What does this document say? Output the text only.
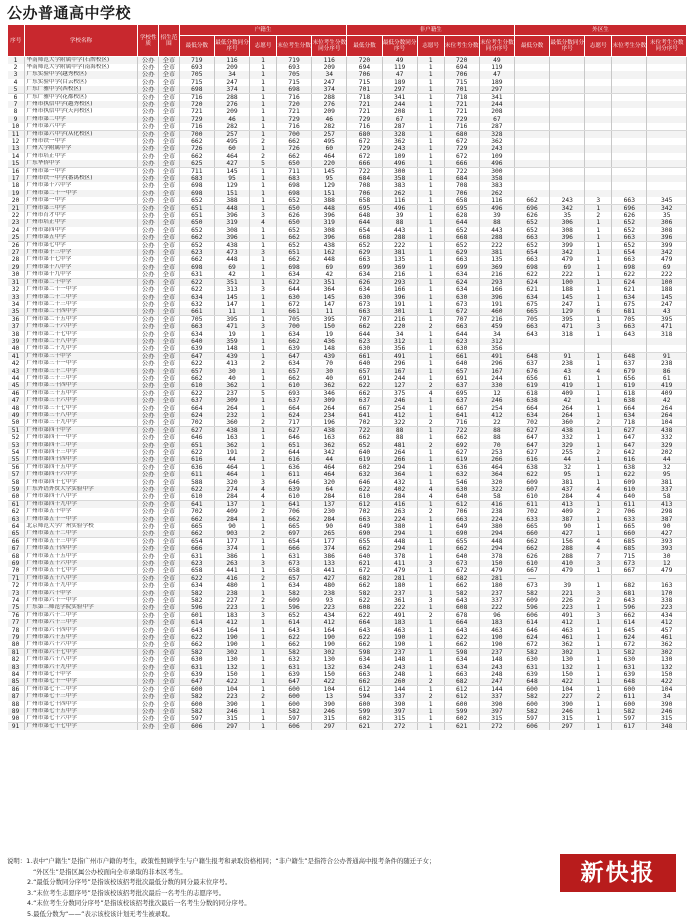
公办普通高中学校
序号	学校名称	学校性质	招生范围	户籍生					非户籍生					外区生				
				最低分数	最低分数同分序号	志愿号	末位考生分数	末位考生分数同分序号	最低分数	最低分数同分序号	志愿号	末位考生分数	末位考生分数同分序号	最低分数	最低分数同分序号	志愿号	末位考生分数	末位考生分数同分序号
1	华南师范大学附属中学(石牌校区)	公办	全市	719	116	1	719	116	720	49	1	720	49					
2	华南师范大学附属中学(南海校区)	公办	全市	693	209	1	693	209	694	119	1	694	119					
3	广东实验中学(越秀校区)	公办	全市	705	34	1	705	34	706	47	1	706	47					
4	广东实验中学(白云校区)	公办	全市	715	247	1	715	247	715	189	1	715	189					
5	广东广雅中学(西校区)	公办	全市	698	374	1	698	374	701	297	1	701	297					
6	广东广雅中学(花都校区)	公办	全市	716	288	1	716	288	718	341	1	718	341					
7	广州市执信中学(越秀校区)	公办	全市	720	276	1	720	276	721	244	1	721	244					
8	广州市执信中学(天河校区)	公办	全市	721	209	1	721	209	721	208	1	721	208					
9	广州市第二中学	公办	全市	729	46	1	729	46	729	67	1	729	67					
10	广州市第六中学	公办	全市	716	282	1	716	282	716	287	1	716	287					
11	广州市第六中学(从化校区)	公办	全市	700	257	1	700	257	680	328	1	680	328					
12	广州市铁一中学	公办	全市	662	495	2	662	495	672	362	1	672	362					
13	广州大学附属中学	公办	全市	726	60	1	726	60	729	243	1	729	243					
14	广州市培正中学	公办	全市	662	464	2	662	464	672	109	1	672	109					
15	广东华侨中学	公办	全市	625	427	5	650	220	666	496	1	666	496					
16	广州市第一中学	公办	全市	711	145	1	711	145	722	300	1	722	300					
17	广州市铁一中学(番禺校区)	公办	全市	683	95	1	683	95	684	358	1	684	358					
18	广州市第十六中学	公办	全市	698	129	1	698	129	708	383	1	708	383					
19	广州市第二十一中学	公办	全市	698	151	1	698	151	706	262	1	706	262					
20	广州市第一中学	公办	全市	652	388	1	652	388	658	116	1	658	116	662	243	3	663	345
21	广州市第三中学	公办	全市	651	448	1	650	448	695	496	1	695	496	696	342	1	696	342
22	广州市育才中学	公办	全市	651	396	3	626	396	648	39	1	628	39	626	35	2	626	35
23	广州市培正中学	公办	全市	650	319	4	650	319	644	88	1	644	88	652	306	1	652	306
24	广州市第四中学	公办	全市	652	308	1	652	308	654	443	1	652	443	652	308	1	652	308
25	广州市第五中学	公办	全市	662	396	1	662	396	668	288	1	668	288	663	396	1	663	396
26	广州市第七中学	公办	全市	652	438	1	652	438	652	222	1	652	222	652	399	1	652	399
27	广州市第十三中学	公办	全市	623	473	3	651	162	629	381	1	629	381	654	342	1	654	342
28	广州市第十七中学	公办	全市	662	448	1	662	448	663	135	1	663	135	663	479	1	663	479
29	广州市第十八中学	公办	全市	698	69	1	698	69	699	369	1	699	369	698	69	1	698	69
30	广州市第十九中学	公办	全市	631	42	1	634	42	634	216	1	634	216	622	222	1	622	222
31	广州市第二十中学	公办	全市	622	351	1	622	351	626	293	1	624	293	624	100	1	624	100
32	广州市第二十一中学	公办	全市	622	313	3	644	364	634	166	1	634	166	621	188	1	621	188
33	广州市第二十二中学	公办	全市	634	145	1	630	145	630	396	1	630	396	634	145	1	634	145
34	广州市第二十三中学	公办	全市	632	147	1	672	147	673	191	1	673	191	675	247	1	675	247
35	广州市第二十四中学	公办	全市	661	11	1	661	11	663	301	1	672	460	665	129	6	681	43
36	广州市第二十五中学	公办	全市	705	395	1	705	395	707	216	1	707	216	705	395	1	705	395
37	广州市第二十六中学	公办	全市	663	471	3	700	150	662	220	2	663	459	663	471	3	663	471
38	广州市第二十七中学	公办	全市	634	19	1	634	19	644	34	1	644	34	643	318	1	643	318
39	广州市第二十八中学	公办	全市	640	359	1	662	436	623	312	1	623	312					
40	广州市第二十九中学	公办	全市	639	148	1	639	148	630	356	1	630	356					
41	广州市第三十中学	公办	全市	647	439	1	647	439	661	491	1	661	491	648	91	1	648	91
42	广州市第三十一中学	公办	全市	622	413	2	634	70	640	296	1	640	296	637	238	1	637	238
43	广州市第三十二中学	公办	全市	657	30	1	657	30	657	167	1	657	167	676	43	4	679	86
44	广州市第三十三中学	公办	全市	662	40	1	662	40	691	244	1	691	244	656	61	1	656	61
45	广州市第三十四中学	公办	全市	610	362	1	610	362	622	127	2	637	330	619	419	1	619	419
46	广州市第三十五中学	公办	全市	622	237	5	693	346	662	375	4	695	12	618	409	1	618	409
47	广州市第三十六中学	公办	全市	637	309	1	637	309	637	246	1	637	246	638	42	1	638	42
48	广州市第三十七中学	公办	全市	664	264	1	664	264	667	254	1	667	254	664	264	1	664	264
49	广州市第三十八中学	公办	全市	624	232	1	624	234	641	412	1	641	412	634	264	1	634	264
50	广州市第三十九中学	公办	全市	702	360	2	717	196	702	322	2	716	22	702	360	2	718	104
51	广州市第四十中学	公办	全市	627	438	1	627	438	722	88	1	722	88	627	438	1	627	438
52	广州市第四十一中学	公办	全市	646	163	1	646	163	662	88	1	662	88	647	332	1	647	332
53	广州市第四十二中学	公办	全市	651	362	1	651	362	652	481	2	692	70	647	329	1	647	329
54	广州市第四十三中学	公办	全市	622	191	2	644	342	640	264	1	627	253	627	255	2	642	202
55	广州市第四十四中学	公办	全市	616	44	1	616	44	619	266	1	619	266	616	44	1	616	44
56	广州市第四十五中学	公办	全市	636	464	1	636	464	602	294	1	636	464	638	32	1	638	32
57	广州市第四十六中学	公办	全市	611	464	1	611	464	632	364	1	632	364	622	95	1	622	95
58	广州市第四十七中学	公办	全市	588	320	3	646	320	646	432	1	546	320	609	381	1	609	381
59	广东外语外贸大学实验中学	公办	全市	622	274	4	639	64	622	402	4	630	322	607	437	4	610	337
60	广州市第四十八中学	公办	全市	610	284	4	610	284	610	284	4	640	58	610	284	4	640	58
61	广州市第四十九中学	公办	全市	641	137	1	641	137	612	416	1	612	416	611	413	1	611	413
62	广州市第五十中学	公办	全市	702	409	2	706	230	702	263	2	706	238	702	409	2	706	298
63	广州市第五十一中学	公办	全市	662	284	1	662	284	663	224	1	663	224	633	387	1	633	387
64	北京师范大学广州实验学校	公办	全市	665	90	1	665	90	649	380	1	649	380	665	90	1	665	90
65	广州市第五十二中学	公办	全市	662	903	2	697	265	690	294	1	690	294	660	427	1	660	427
66	广州市第五十三中学	公办	全市	654	177	1	654	177	655	448	1	655	448	662	156	4	685	393
67	广州市第五十四中学	公办	全市	666	374	1	666	374	662	294	1	662	294	662	288	4	685	393
68	广州市第五十五中学	公办	全市	631	386	1	631	386	640	378	1	640	378	626	288	7	715	30
69	广州市第五十六中学	公办	全市	623	263	3	673	133	621	411	3	673	150	610	410	3	673	12
70	广州市第五十七中学	公办	全市	658	441	1	658	441	672	479	1	672	479	667	479	1	667	479
71	广州市第五十八中学	公办	全市	622	416	2	657	427	682	281	1	682	281	——				
72	广州市第五十九中学	公办	全市	634	480	1	634	480	662	180	1	662	180	673	39	1	682	163
73	广州市第六十中学	公办	全市	582	238	1	582	238	582	237	1	582	237	582	221	3	681	170
74	广州市第六十一中学	公办	全市	582	227	2	609	93	622	361	3	643	337	609	226	2	643	338
75	广东第二师范学院实验中学	公办	全市	596	223	1	596	223	608	222	1	608	222	596	223	1	596	223
76	广州市第六十二中学	公办	全市	601	183	3	652	434	622	491	2	678	96	606	491	3	662	434
77	广州市第六十三中学	公办	全市	614	412	1	614	412	664	183	1	664	183	614	412	1	614	412
78	广州市第六十四中学	公办	全市	643	164	1	643	164	643	463	1	643	463	646	463	1	645	457
79	广州市第六十五中学	公办	全市	622	190	1	622	190	622	190	1	622	190	624	461	1	624	461
80	广州市第六十六中学	公办	全市	662	190	1	662	190	662	190	1	662	190	672	362	1	672	362
81	广州市第六十七中学	公办	全市	582	302	1	582	302	598	237	1	598	237	582	302	1	582	302
82	广州市第六十八中学	公办	全市	630	130	1	632	130	634	148	1	634	148	630	130	1	630	130
83	广州市第六十九中学	公办	全市	631	132	1	631	132	634	243	1	634	243	631	132	1	631	132
84	广州市第七十中学	公办	全市	639	150	1	639	150	663	248	1	663	248	639	150	1	639	150
85	广州市第七十一中学	公办	全市	647	422	1	647	422	662	260	2	682	247	648	422	1	648	422
86	广州市第七十二中学	公办	全市	600	104	1	600	104	612	144	1	612	144	600	104	1	600	104
87	广州市第七十三中学	公办	全市	582	223	2	600	13	594	337	2	612	337	582	227	2	611	34
88	广州市第七十四中学	公办	全市	600	390	1	600	390	600	390	1	600	390	600	390	1	600	390
89	广州市第七十五中学	公办	全市	582	246	1	582	246	599	397	1	599	397	582	246	1	582	246
90	广州市第七十六中学	公办	全市	597	315	1	597	315	602	315	1	602	315	597	315	1	597	315
91	广州市第七十七中学	公办	全市	606	297	1	606	297	621	272	1	621	272	606	297	1	617	348
说明：1.表中“户籍生”是指广州市户籍的考生，政策性照顾学生与户籍生报考和录取资格相同；“非户籍生”是指符合公办普通高中报考条件的随迁子女；
“外区生”是指区属公办校面向全市录取的非本区考生。
2.“最低分数同分序号”是指该校该招考批次最低分数的同分最末位序号。
3.“末位考生志愿序号”是指该校该招考批次最后一名考生的志愿序号。
4.“末位考生分数同分序号”是指该校该招考批次最后一名考生分数的同分序号。
5.最低分数为“——”表示该校该计划无考生被录取。
新快报
